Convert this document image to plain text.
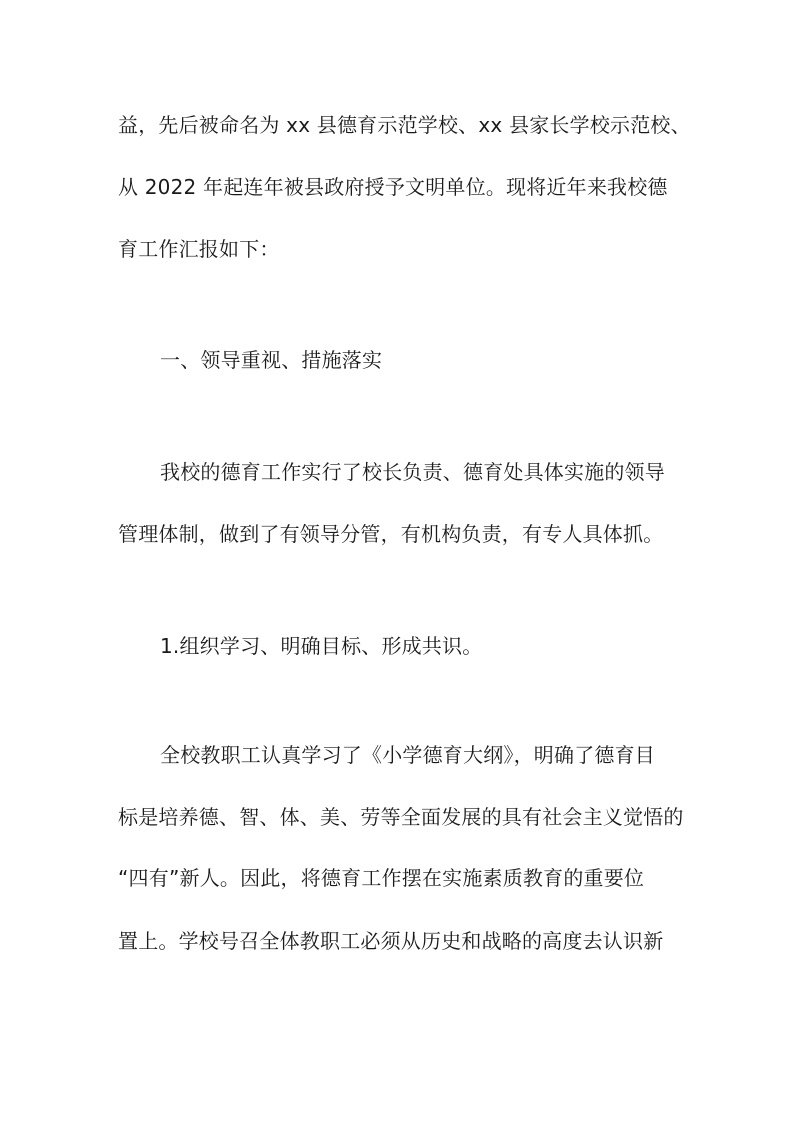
益，先后被命名为 xx 县德育示范学校、xx 县家长学校示范校、
从 2022 年起连年被县政府授予文明单位。现将近年来我校德
育工作汇报如下：
一、领导重视、措施落实
我校的德育工作实行了校长负责、德育处具体实施的领导
管理体制，做到了有领导分管，有机构负责，有专人具体抓。
1.组织学习、明确目标、形成共识。
全校教职工认真学习了《小学德育大纲》，明确了德育目
标是培养德、智、体、美、劳等全面发展的具有社会主义觉悟的
“四有”新人。因此，将德育工作摆在实施素质教育的重要位
置上。学校号召全体教职工必须从历史和战略的高度去认识新
